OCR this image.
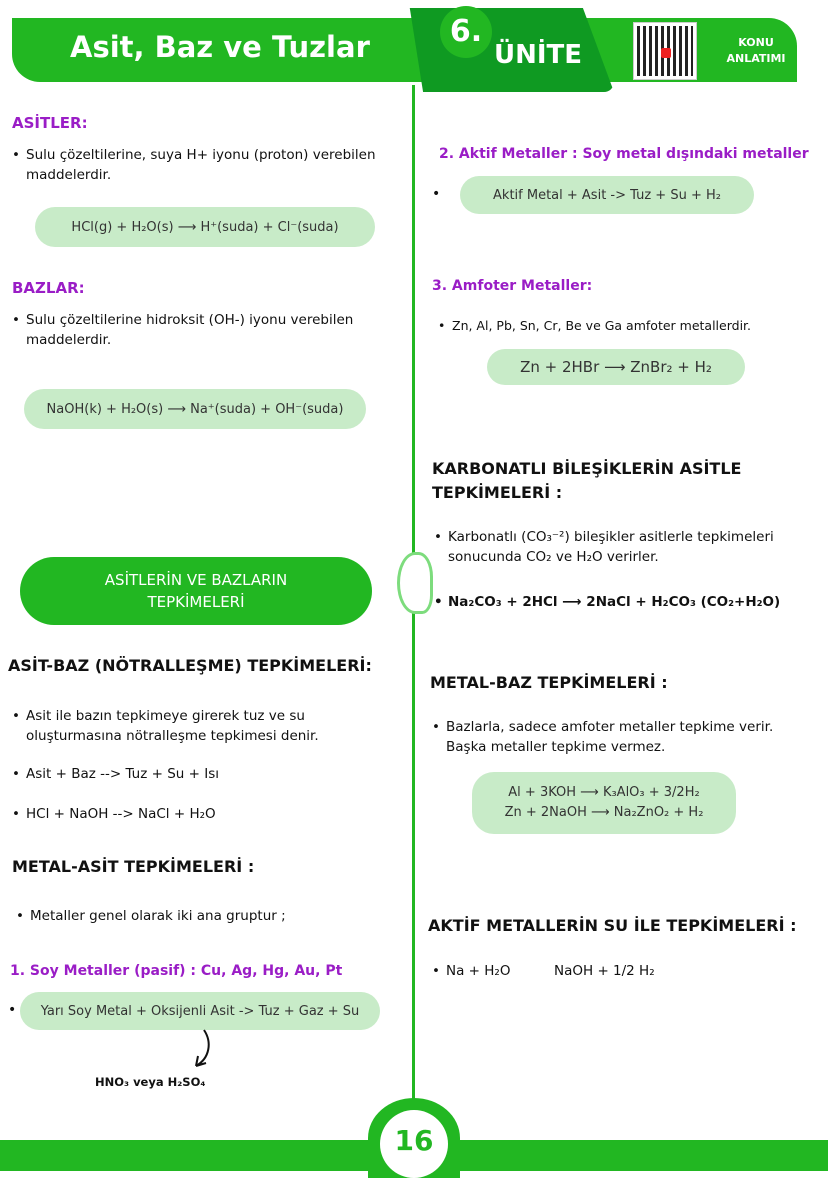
Asit, Baz ve Tuzlar	6.
ÜNİTE	KONU
ANLATIMI
ASİTLER:
• Sulu çözeltilerine, suya H+ iyonu (proton) verebilen maddelerdir.
HCl(g) + H₂O(s) ⟶ H⁺(suda) + Cl⁻(suda)
BAZLAR:
• Sulu çözeltilerine hidroksit (OH-) iyonu verebilen maddelerdir.
NaOH(k) + H₂O(s) ⟶ Na⁺(suda) + OH⁻(suda)
ASİTLERİN VE BAZLARIN
TEPKİMELERİ
ASİT-BAZ (NÖTRALLEŞME) TEPKİMELERİ:
• Asit ile bazın tepkimeye girerek tuz ve su oluşturmasına nötralleşme tepkimesi denir.
• Asit + Baz --> Tuz + Su + Isı
• HCl + NaOH --> NaCl + H₂O
METAL-ASİT TEPKİMELERİ :
• Metaller genel olarak iki ana gruptur ;
1. Soy Metaller (pasif) : Cu, Ag, Hg, Au, Pt
•	Yarı Soy Metal + Oksijenli Asit -> Tuz + Gaz + Su
HNO₃ veya H₂SO₄
2. Aktif Metaller : Soy metal dışındaki metaller
•	Aktif Metal + Asit -> Tuz + Su + H₂
3. Amfoter Metaller:
• Zn, Al, Pb, Sn, Cr, Be ve Ga amfoter metallerdir.
Zn + 2HBr ⟶ ZnBr₂ + H₂
KARBONATLI BİLEŞİKLERİN ASİTLE
TEPKİMELERİ :
• Karbonatlı (CO₃⁻²) bileşikler asitlerle tepkimeleri sonucunda CO₂ ve H₂O verirler.
• Na₂CO₃ + 2HCl ⟶ 2NaCl + H₂CO₃ (CO₂+H₂O)
METAL-BAZ TEPKİMELERİ :
• Bazlarla, sadece amfoter metaller tepkime verir. Başka metaller tepkime vermez.
Al + 3KOH ⟶ K₃AlO₃ + 3/2H₂
Zn + 2NaOH ⟶ Na₂ZnO₂ + H₂
AKTİF METALLERİN SU İLE TEPKİMELERİ :
• Na + H₂O	NaOH + 1/2 H₂
16
